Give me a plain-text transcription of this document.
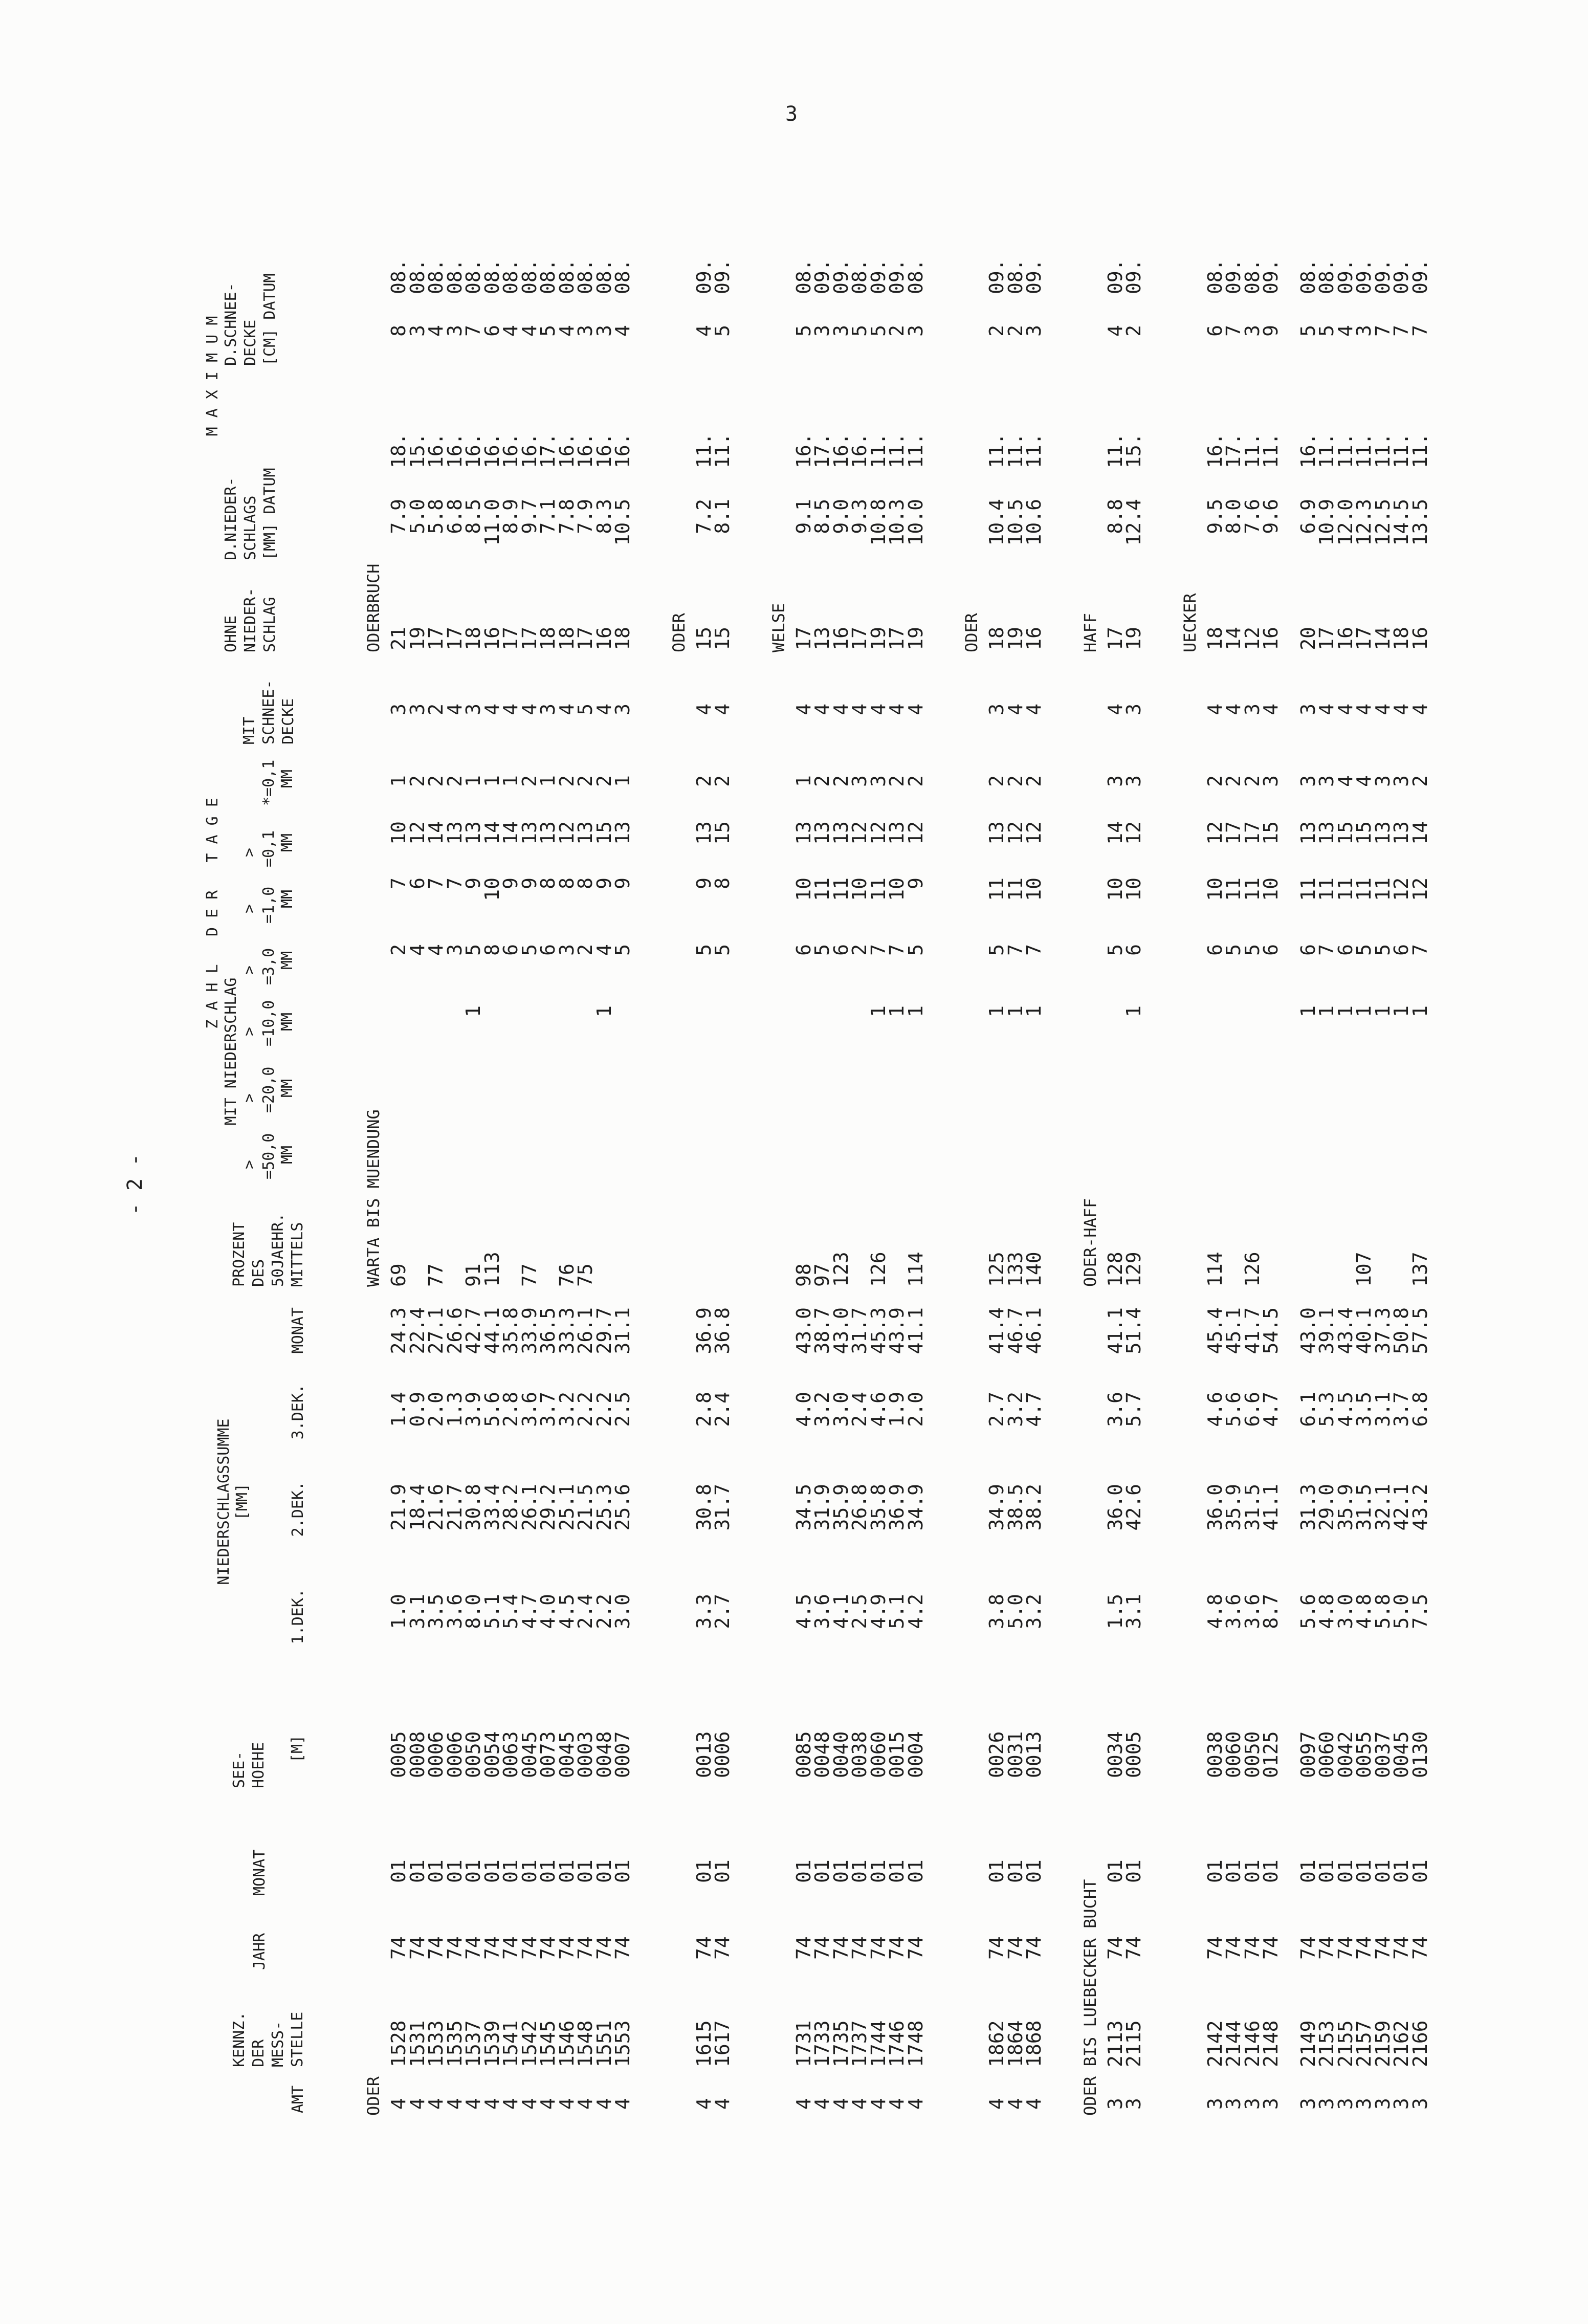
3
- 2 -
AMT
KENNZ. DER MESS- STELLE
JAHR
MONAT
SEE- HOEHE [M]
NIEDERSCHLAGSSUMME [MM]
1.DEK.
2.DEK.
3.DEK.
MONAT
PROZENT DES 50JAEHR. MITTELS
Z A H L   D E R   T A G E
MIT NIEDERSCHLAG
> =50,0 MM
> =20,0 MM
> =10,0 MM
> =3,0 MM
> =1,0 MM
> =0,1 MM
*=0,1 MM
MIT SCHNEE- DECKE
OHNE NIEDER- SCHLAG
M A X I M U M
D.NIEDER- SCHLAGS [MM] DATUM
D.SCHNEE- DECKE [CM] DATUM
ODER
WARTA BIS MUENDUNG
ODERBRUCH
4
1528
74
01
0005
1.0
21.9
1.4
24.3
69
2
7
10
1
3
21
7.9
18.
8
08.
4
1531
74
01
0008
3.1
18.4
0.9
22.4
4
6
12
2
3
19
5.0
15.
3
08.
4
1533
74
01
0006
3.5
21.6
2.0
27.1
77
4
7
14
2
2
17
5.8
16.
4
08.
4
1535
74
01
0006
3.6
21.7
1.3
26.6
3
7
13
2
4
17
6.8
16.
3
08.
4
1537
74
01
0050
8.0
30.8
3.9
42.7
91
1
5
9
13
1
3
18
8.5
16.
7
08.
4
1539
74
01
0054
5.1
33.4
5.6
44.1
113
8
10
14
1
4
16
11.0
16.
6
08.
4
1541
74
01
0063
5.4
28.2
2.8
35.8
6
9
14
1
4
17
8.9
16.
4
08.
4
1542
74
01
0045
4.7
26.1
3.6
33.9
77
5
9
13
2
4
17
9.7
16.
4
08.
4
1545
74
01
0073
4.0
29.2
3.7
36.5
6
8
13
1
3
18
7.1
17.
5
08.
4
1546
74
01
0045
4.5
25.1
3.2
33.3
76
3
8
12
2
4
18
7.8
16.
4
08.
4
1548
74
01
0003
2.4
21.5
2.2
26.1
75
2
8
13
2
5
17
7.9
16.
3
08.
4
1551
74
01
0048
2.2
25.3
2.2
29.7
1
4
9
15
2
4
16
8.3
16.
3
08.
4
1553
74
01
0007
3.0
25.6
2.5
31.1
5
9
13
1
3
18
10.5
16.
4
08.
ODER
4
1615
74
01
0013
3.3
30.8
2.8
36.9
5
9
13
2
4
15
7.2
11.
4
09.
4
1617
74
01
0006
2.7
31.7
2.4
36.8
5
8
15
2
4
15
8.1
11.
5
09.
WELSE
4
1731
74
01
0085
4.5
34.5
4.0
43.0
98
6
10
13
1
4
17
9.1
16.
5
08.
4
1733
74
01
0048
3.6
31.9
3.2
38.7
97
5
11
13
2
4
13
8.5
17.
3
09.
4
1735
74
01
0040
4.1
35.9
3.0
43.0
123
6
11
13
2
4
16
9.0
16.
3
09.
4
1737
74
01
0038
2.5
26.8
2.4
31.7
2
10
12
3
4
17
9.3
16.
5
08.
4
1744
74
01
0060
4.9
35.8
4.6
45.3
126
1
7
11
12
3
4
19
10.8
11.
5
09.
4
1746
74
01
0015
5.1
36.9
1.9
43.9
1
7
10
13
2
4
17
10.3
11.
2
09.
4
1748
74
01
0004
4.2
34.9
2.0
41.1
114
1
5
9
12
2
4
19
10.0
11.
3
08.
ODER
4
1862
74
01
0026
3.8
34.9
2.7
41.4
125
1
5
11
13
2
3
18
10.4
11.
2
09.
4
1864
74
01
0031
5.0
38.5
3.2
46.7
133
1
7
11
12
2
4
19
10.5
11.
2
08.
4
1868
74
01
0013
3.2
38.2
4.7
46.1
140
1
7
10
12
2
4
16
10.6
11.
3
09.
ODER BIS LUEBECKER BUCHT
ODER-HAFF
HAFF
3
2113
74
01
0034
1.5
36.0
3.6
41.1
128
5
10
14
3
4
17
8.8
11.
4
09.
3
2115
74
01
0005
3.1
42.6
5.7
51.4
129
1
6
10
12
3
3
19
12.4
15.
2
09.
UECKER
3
2142
74
01
0038
4.8
36.0
4.6
45.4
114
6
10
12
2
4
18
9.5
16.
6
08.
3
2144
74
01
0060
3.6
35.9
5.6
45.1
5
11
17
2
4
14
8.0
17.
7
09.
3
2146
74
01
0050
3.6
31.5
6.6
41.7
126
5
11
17
2
3
12
7.6
11.
3
08.
3
2148
74
01
0125
8.7
41.1
4.7
54.5
6
10
15
3
4
16
9.6
11.
9
09.
3
2149
74
01
0097
5.6
31.3
6.1
43.0
1
6
11
13
3
3
20
6.9
16.
5
08.
3
2153
74
01
0060
4.8
29.0
5.3
39.1
1
7
11
13
3
4
17
10.9
11.
5
08.
3
2155
74
01
0042
3.0
35.9
4.5
43.4
1
6
11
15
4
4
16
12.0
11.
4
09.
3
2157
74
01
0055
4.8
31.5
3.5
40.1
107
1
5
11
15
4
4
17
12.3
11.
3
09.
3
2159
74
01
0037
5.8
32.1
3.1
37.3
1
5
11
13
3
4
14
12.5
11.
7
09.
3
2162
74
01
0045
5.0
42.1
3.7
50.8
1
6
12
13
3
4
18
14.5
11.
7
09.
3
2166
74
01
0130
7.5
43.2
6.8
57.5
137
1
7
12
14
2
4
16
13.5
11.
7
09.
